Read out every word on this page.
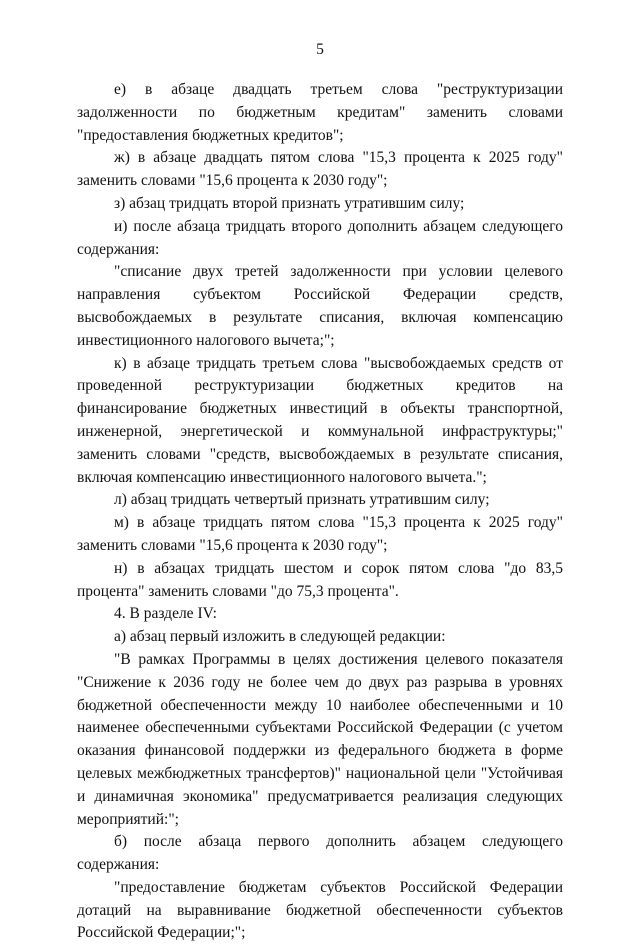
5

е) в абзаце двадцать третьем слова "реструктуризации задолженности по бюджетным кредитам" заменить словами "предоставления бюджетных кредитов";

ж) в абзаце двадцать пятом слова "15,3 процента к 2025 году" заменить словами "15,6 процента к 2030 году";

з) абзац тридцать второй признать утратившим силу;

и) после абзаца тридцать второго дополнить абзацем следующего содержания:

"списание двух третей задолженности при условии целевого направления субъектом Российской Федерации средств, высвобождаемых в результате списания, включая компенсацию инвестиционного налогового вычета;";

к) в абзаце тридцать третьем слова "высвобождаемых средств от проведенной реструктуризации бюджетных кредитов на финансирование бюджетных инвестиций в объекты транспортной, инженерной, энергетической и коммунальной инфраструктуры;" заменить словами "средств, высвобождаемых в результате списания, включая компенсацию инвестиционного налогового вычета.";

л) абзац тридцать четвертый признать утратившим силу;

м) в абзаце тридцать пятом слова "15,3 процента к 2025 году" заменить словами "15,6 процента к 2030 году";

н) в абзацах тридцать шестом и сорок пятом слова "до 83,5 процента" заменить словами "до 75,3 процента".

4. В разделе IV:

а) абзац первый изложить в следующей редакции:

"В рамках Программы в целях достижения целевого показателя "Снижение к 2036 году не более чем до двух раз разрыва в уровнях бюджетной обеспеченности между 10 наиболее обеспеченными и 10 наименее обеспеченными субъектами Российской Федерации (с учетом оказания финансовой поддержки из федерального бюджета в форме целевых межбюджетных трансфертов)" национальной цели "Устойчивая и динамичная экономика" предусматривается реализация следующих мероприятий:";

б) после абзаца первого дополнить абзацем следующего содержания:

"предоставление бюджетам субъектов Российской Федерации дотаций на выравнивание бюджетной обеспеченности субъектов Российской Федерации;";
